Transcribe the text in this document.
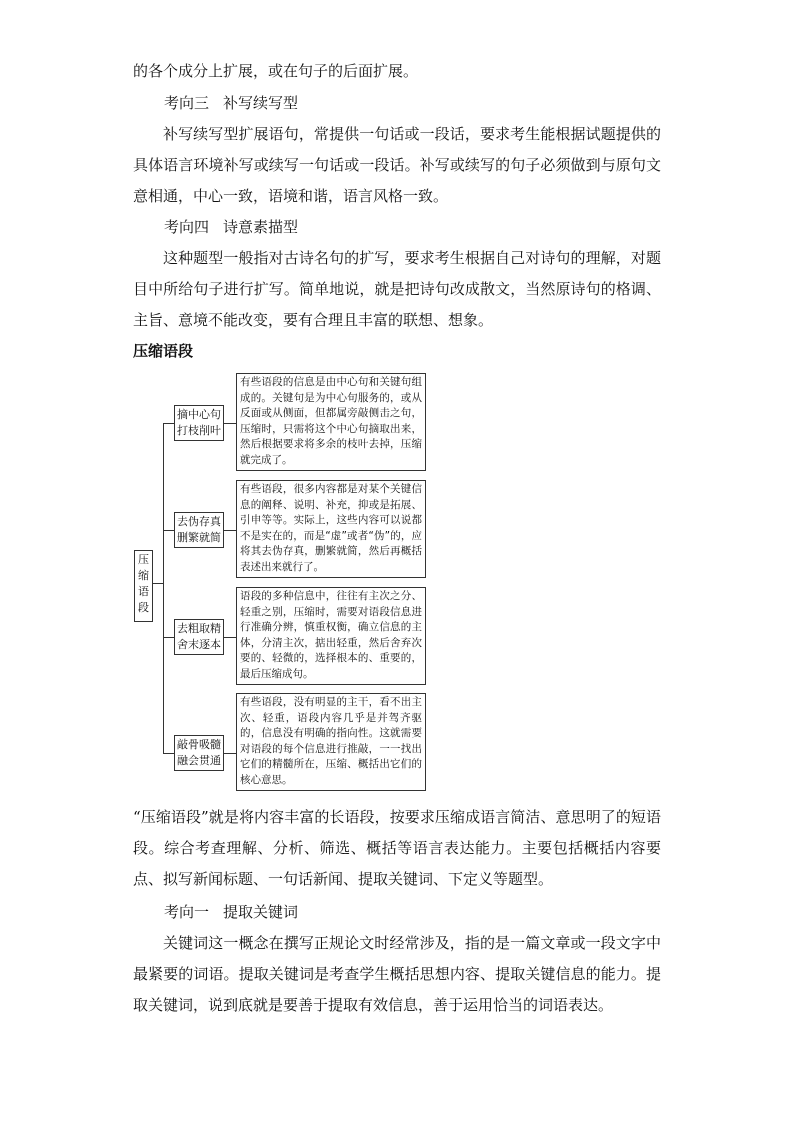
的各个成分上扩展，或在句子的后面扩展。

考向三 补写续写型

补写续写型扩展语句，常提供一句话或一段话，要求考生能根据试题提供的具体语言环境补写或续写一句话或一段话。补写或续写的句子必须做到与原句文意相通，中心一致，语境和谐，语言风格一致。

考向四 诗意素描型

这种题型一般指对古诗名句的扩写，要求考生根据自己对诗句的理解，对题目中所给句子进行扩写。简单地说，就是把诗句改成散文，当然原诗句的格调、主旨、意境不能改变，要有合理且丰富的联想、想象。

压缩语段

压缩语段
摘中心句打枝削叶
有些语段的信息是由中心句和关键句组成的。关键句是为中心句服务的，或从反面或从侧面，但都属旁敲侧击之句，压缩时，只需将这个中心句摘取出来，然后根据要求将多余的枝叶去掉，压缩就完成了。
去伪存真删繁就简
有些语段，很多内容都是对某个关键信息的阐释、说明、补充，抑或是拓展、引申等等。实际上，这些内容可以说都不是实在的，而是“虚”或者“伪”的，应将其去伪存真，删繁就简，然后再概括表述出来就行了。
去粗取精舍末逐本
语段的多种信息中，往往有主次之分、轻重之别，压缩时，需要对语段信息进行准确分辨，慎重权衡，确立信息的主体，分清主次，掂出轻重，然后舍弃次要的、轻微的，选择根本的、重要的，最后压缩成句。
敲骨吸髓融会贯通
有些语段，没有明显的主干，看不出主次、轻重，语段内容几乎是并驾齐驱的，信息没有明确的指向性。这就需要对语段的每个信息进行推敲，一一找出它们的精髓所在，压缩、概括出它们的核心意思。

“压缩语段”就是将内容丰富的长语段，按要求压缩成语言简洁、意思明了的短语段。综合考查理解、分析、筛选、概括等语言表达能力。主要包括概括内容要点、拟写新闻标题、一句话新闻、提取关键词、下定义等题型。

考向一 提取关键词

关键词这一概念在撰写正规论文时经常涉及，指的是一篇文章或一段文字中最紧要的词语。提取关键词是考查学生概括思想内容、提取关键信息的能力。提取关键词，说到底就是要善于提取有效信息，善于运用恰当的词语表达。
